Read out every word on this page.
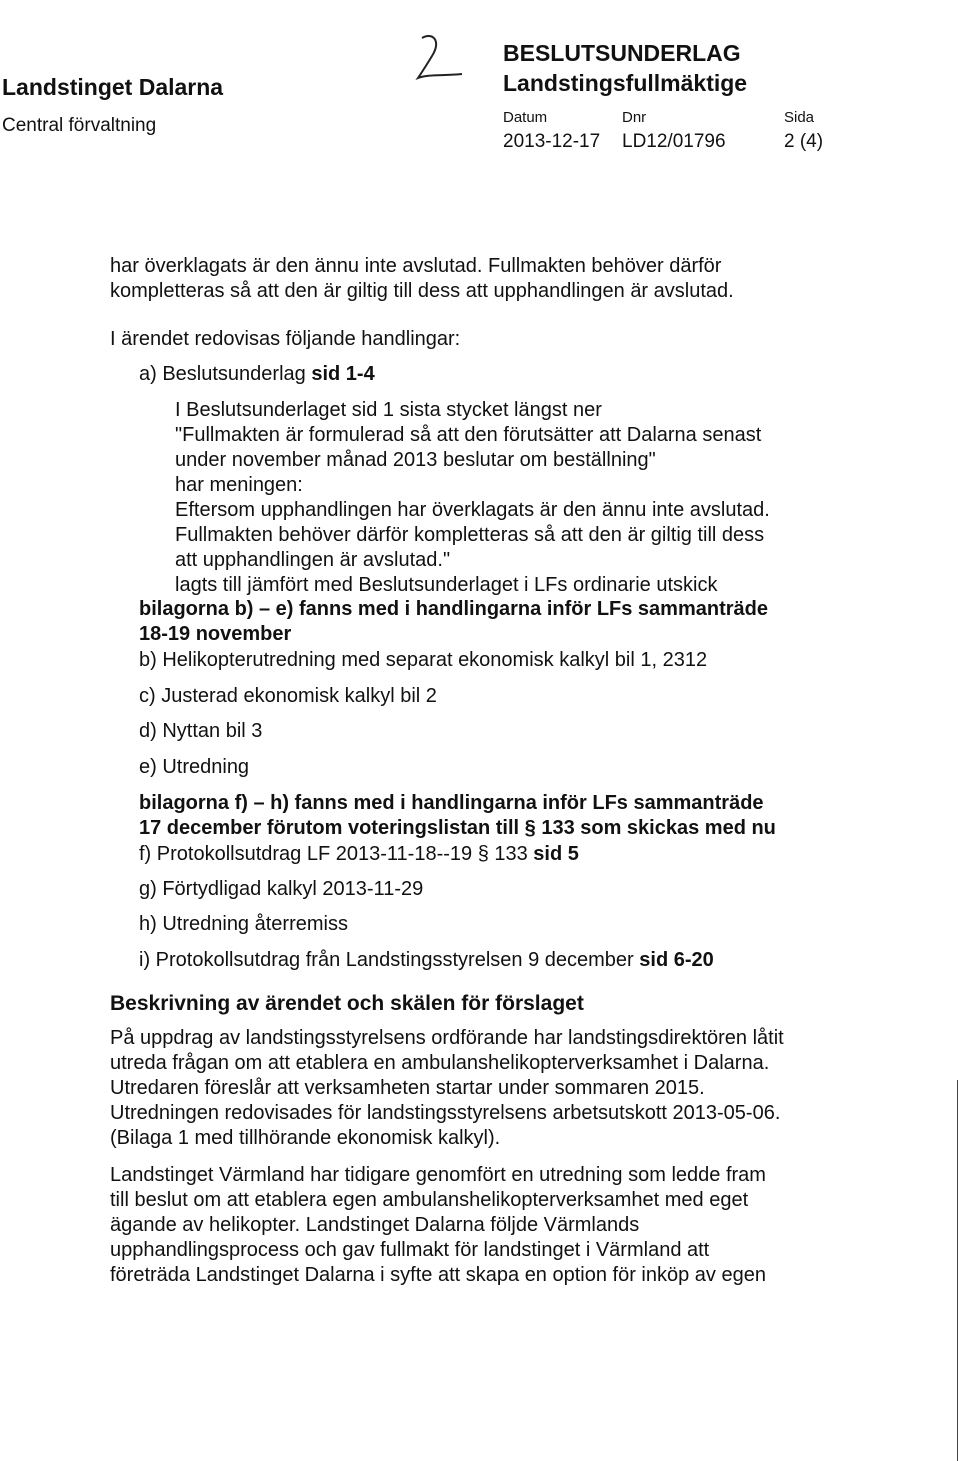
Landstinget Dalarna
Central förvaltning
BESLUTSUNDERLAG
Landstingsfullmäktige
Datum	Dnr	Sida
2013-12-17 LD12/01796	2 (4)
har överklagats är den ännu inte avslutad. Fullmakten behöver därför
kompletteras så att den är giltig till dess att upphandlingen är avslutad.
I ärendet redovisas följande handlingar:
a) Beslutsunderlag sid 1-4
I Beslutsunderlaget sid 1 sista stycket längst ner
"Fullmakten är formulerad så att den förutsätter att Dalarna senast
under november månad 2013 beslutar om beställning"
har meningen:
Eftersom upphandlingen har överklagats är den ännu inte avslutad.
Fullmakten behöver därför kompletteras så att den är giltig till dess
att upphandlingen är avslutad."
lagts till jämfört med Beslutsunderlaget i LFs ordinarie utskick
bilagorna b) – e) fanns med i handlingarna inför LFs sammanträde
18-19 november
b) Helikopterutredning med separat ekonomisk kalkyl bil 1, 2312
c) Justerad ekonomisk kalkyl bil 2
d) Nyttan bil 3
e) Utredning
bilagorna f) – h) fanns med i handlingarna inför LFs sammanträde
17 december förutom voteringslistan till § 133 som skickas med nu
f) Protokollsutdrag LF 2013-11-18--19 § 133 sid 5
g) Förtydligad kalkyl 2013-11-29
h) Utredning återremiss
i) Protokollsutdrag från Landstingsstyrelsen 9 december sid 6-20
Beskrivning av ärendet och skälen för förslaget
På uppdrag av landstingsstyrelsens ordförande har landstingsdirektören låtit
utreda frågan om att etablera en ambulanshelikopterverksamhet i Dalarna.
Utredaren föreslår att verksamheten startar under sommaren 2015.
Utredningen redovisades för landstingsstyrelsens arbetsutskott 2013-05-06.
(Bilaga 1 med tillhörande ekonomisk kalkyl).
Landstinget Värmland har tidigare genomfört en utredning som ledde fram
till beslut om att etablera egen ambulanshelikopterverksamhet med eget
ägande av helikopter. Landstinget Dalarna följde Värmlands
upphandlingsprocess och gav fullmakt för landstinget i Värmland att
företräda Landstinget Dalarna i syfte att skapa en option för inköp av egen
